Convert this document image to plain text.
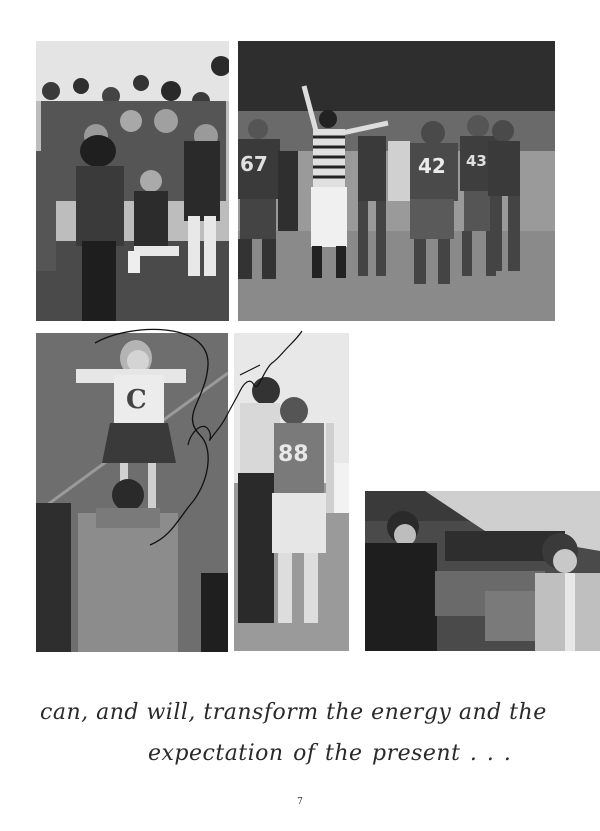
67	42 43
C
88
can, and will, transform the energy and the
expectation of the present . . .
7
